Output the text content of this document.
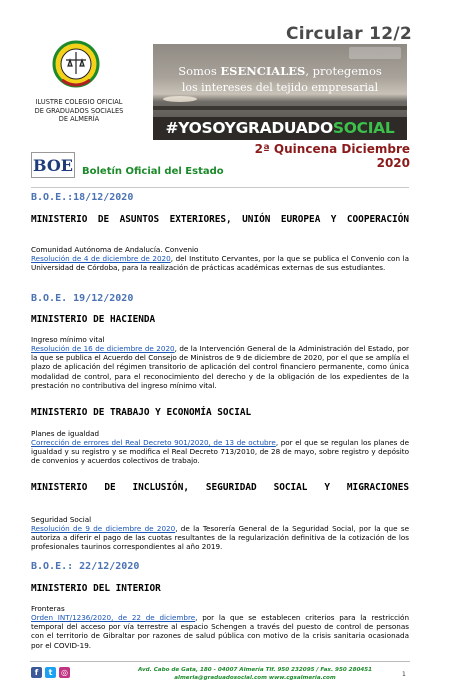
ILUSTRE COLEGIO OFICIAL
DE GRADUADOS SOCIALES
DE ALMERÍA
Circular 12/2
Somos ESENCIALES, protegemos
los intereses del tejido empresarial
#YOSOYGRADUADOSOCIAL
2ª Quincena Diciembre 2020
BOE Boletín Oficial del Estado
B.O.E.:18/12/2020
MINISTERIO DE ASUNTOS EXTERIORES, UNIÓN EUROPEA Y COOPERACIÓN
Comunidad Autónoma de Andalucía. Convenio
Resolución de 4 de diciembre de 2020, del Instituto Cervantes, por la que se publica el Convenio con la Universidad de Córdoba, para la realización de prácticas académicas externas de sus estudiantes.
B.O.E. 19/12/2020
MINISTERIO DE HACIENDA
Ingreso mínimo vital
Resolución de 16 de diciembre de 2020, de la Intervención General de la Administración del Estado, por la que se publica el Acuerdo del Consejo de Ministros de 9 de diciembre de 2020, por el que se amplía el plazo de aplicación del régimen transitorio de aplicación del control financiero permanente, como única modalidad de control, para el reconocimiento del derecho y de la obligación de los expedientes de la prestación no contributiva del ingreso mínimo vital.
MINISTERIO DE TRABAJO Y ECONOMÍA SOCIAL
Planes de igualdad
Corrección de errores del Real Decreto 901/2020, de 13 de octubre, por el que se regulan los planes de igualdad y su registro y se modifica el Real Decreto 713/2010, de 28 de mayo, sobre registro y depósito de convenios y acuerdos colectivos de trabajo.
MINISTERIO DE INCLUSIÓN, SEGURIDAD SOCIAL Y MIGRACIONES
Seguridad Social
Resolución de 9 de diciembre de 2020, de la Tesorería General de la Seguridad Social, por la que se autoriza a diferir el pago de las cuotas resultantes de la regularización definitiva de la cotización de los profesionales taurinos correspondientes al año 2019.
B.O.E.: 22/12/2020
MINISTERIO DEL INTERIOR
Fronteras
Orden INT/1236/2020, de 22 de diciembre, por la que se establecen criterios para la restricción temporal del acceso por vía terrestre al espacio Schengen a través del puesto de control de personas con el territorio de Gibraltar por razones de salud pública con motivo de la crisis sanitaria ocasionada por el COVID-19.
f	t	◎	Avd. Cabo de Gata, 180 - 04007 Almería Tlf. 950 232095 / Fax. 950 280451
almeria@graduadosocial.com www.cgsalmeria.com	1
